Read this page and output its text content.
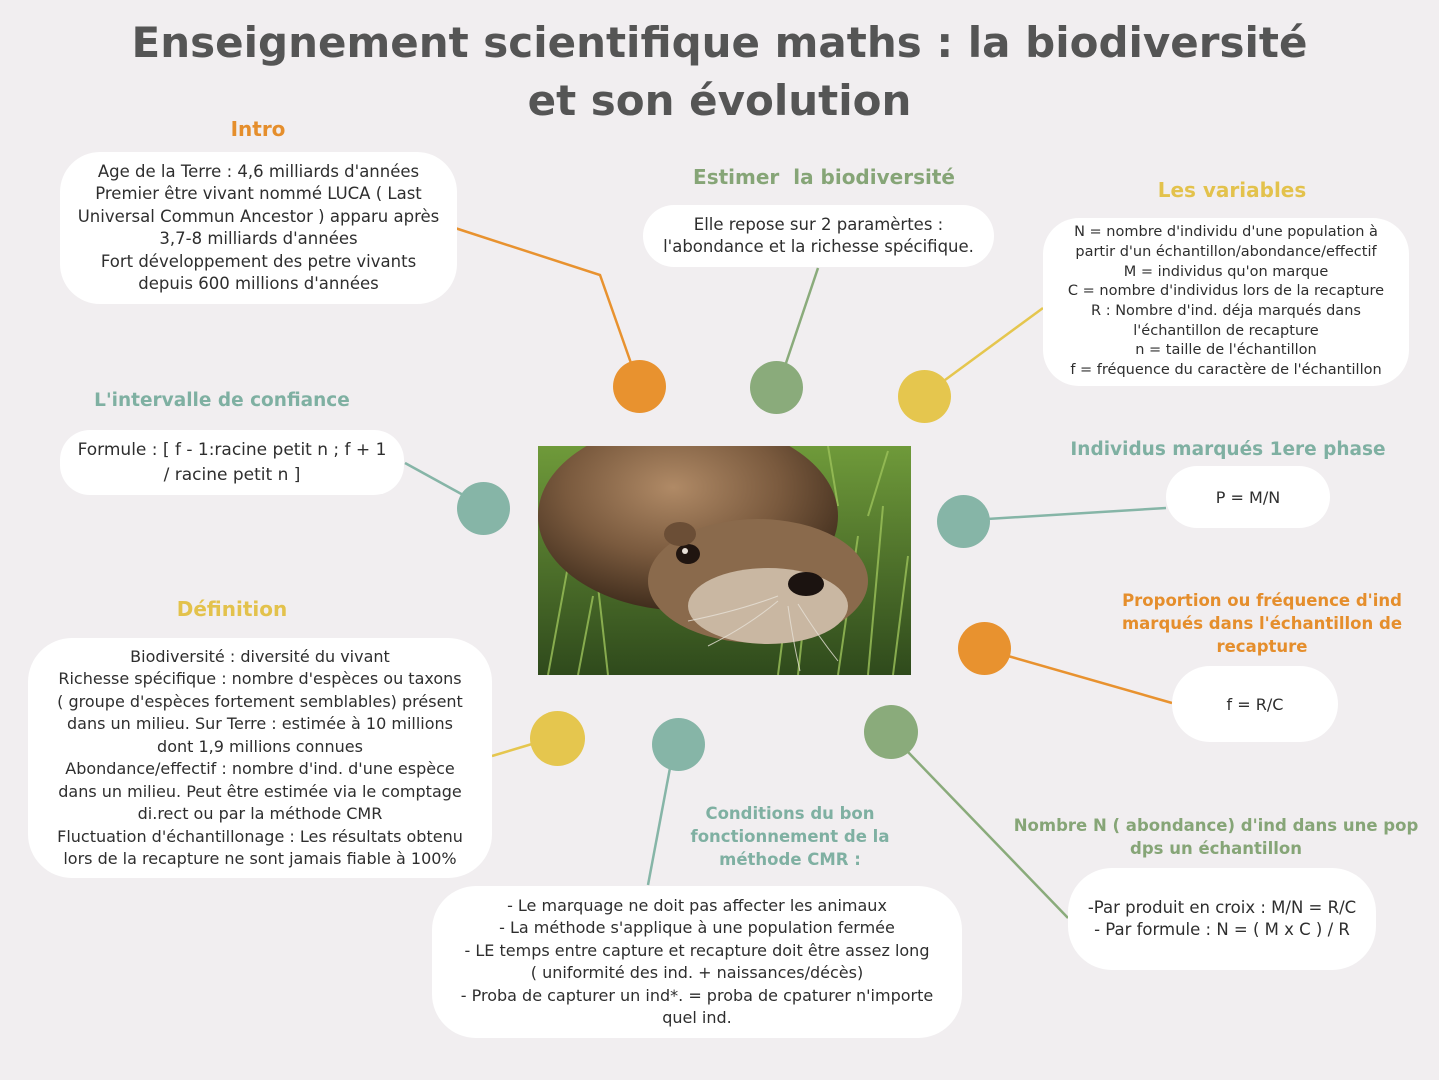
Enseignement scientifique maths : la biodiversité
et son évolution
Intro
Age de la Terre : 4,6 milliards d'années
Premier être vivant nommé LUCA ( Last
Universal Commun Ancestor ) apparu après
3,7-8 milliards d'années
Fort développement des petre vivants
depuis 600 millions d'années
Estimer  la biodiversité
Elle repose sur 2 paramèrtes :
l'abondance et la richesse spécifique.
Les variables
N = nombre d'individu d'une population à
partir d'un échantillon/abondance/effectif
M = individus qu'on marque
C = nombre d'individus lors de la recapture
R : Nombre d'ind. déja marqués dans
l'échantillon de recapture
n = taille de l'échantillon
f = fréquence du caractère de l'échantillon
L'intervalle de confiance
Formule : [ f - 1:racine petit n ; f + 1
/ racine petit n ]
Individus marqués 1ere phase
P = M/N
Proportion ou fréquence d'ind
marqués dans l'échantillon de
recapture
f = R/C
Définition
Biodiversité : diversité du vivant
Richesse spécifique : nombre d'espèces ou taxons
( groupe d'espèces fortement semblables) présent
dans un milieu. Sur Terre : estimée à 10 millions
dont 1,9 millions connues
Abondance/effectif : nombre d'ind. d'une espèce
dans un milieu. Peut être estimée via le comptage
di.rect ou par la méthode CMR
Fluctuation d'échantillonage : Les résultats obtenu
lors de la recapture ne sont jamais fiable à 100%
Conditions du bon
fonctionnement de la
méthode CMR :
- Le marquage ne doit pas affecter les animaux
- La méthode s'applique à une population fermée
- LE temps entre capture et recapture doit être assez long
( uniformité des ind. + naissances/décès)
- Proba de capturer un ind*. = proba de cpaturer n'importe
quel ind.
Nombre N ( abondance) d'ind dans une pop
dps un échantillon
-Par produit en croix : M/N = R/C
- Par formule : N = ( M x C ) / R
